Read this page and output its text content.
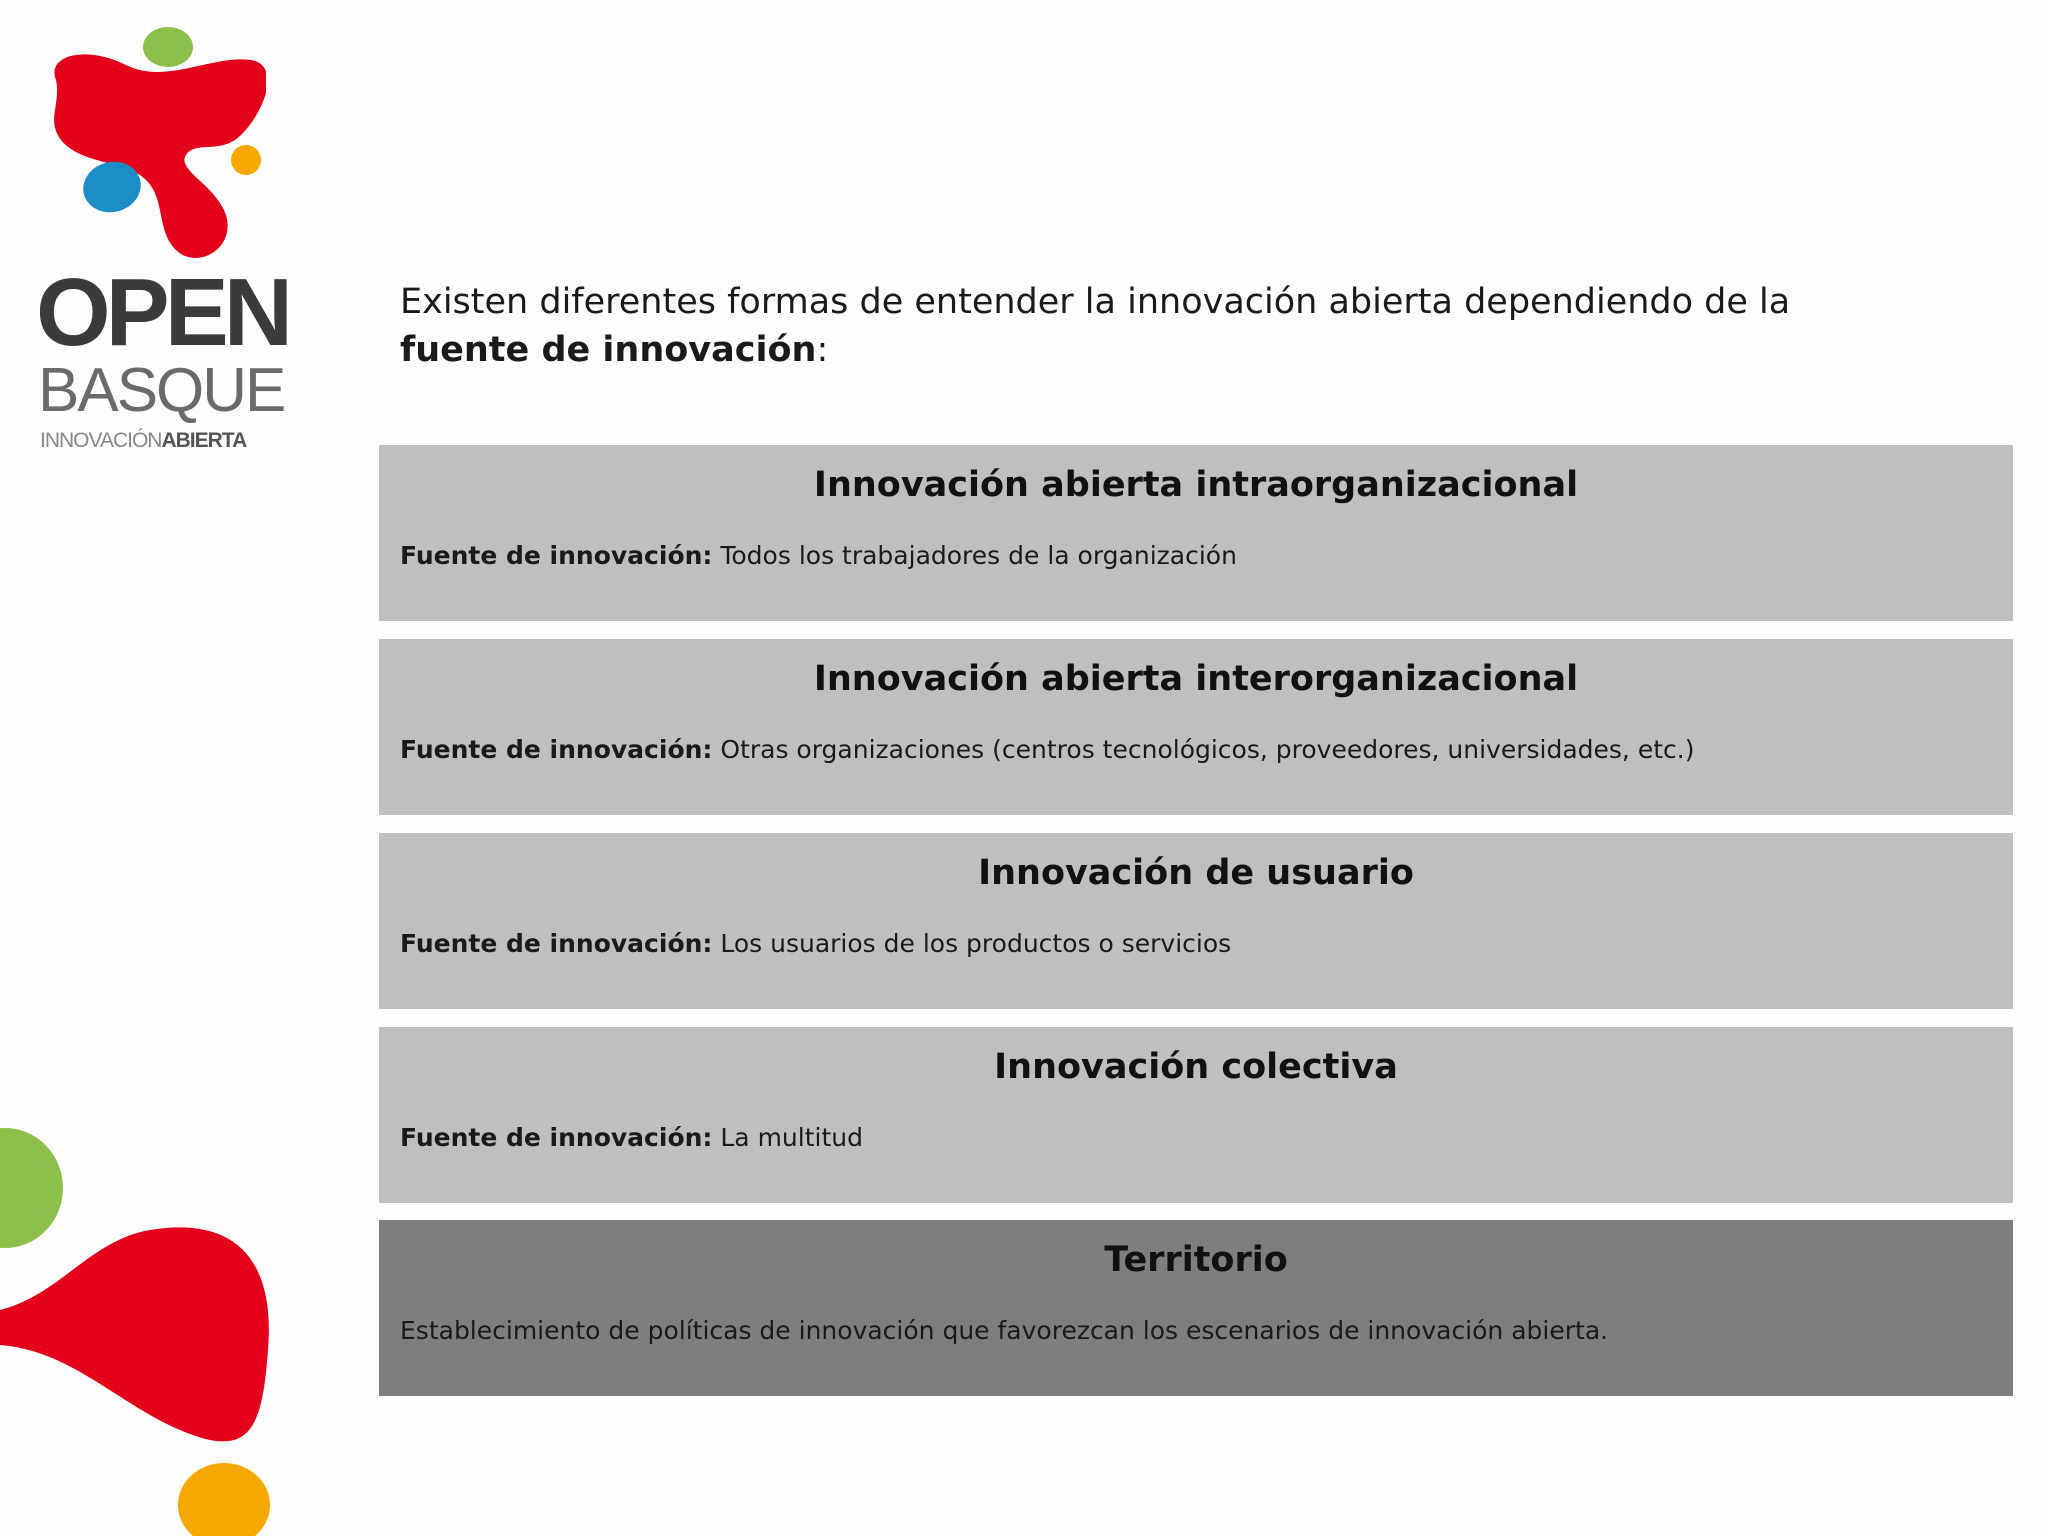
OPEN
BASQUE
INNOVACIÓNABIERTA
Existen diferentes formas de entender la innovación abierta dependiendo de la fuente de innovación:
Innovación abierta intraorganizacional
Fuente de innovación: Todos los trabajadores de la organización
Innovación abierta interorganizacional
Fuente de innovación: Otras organizaciones (centros tecnológicos, proveedores, universidades, etc.)
Innovación de usuario
Fuente de innovación: Los usuarios de los productos o servicios
Innovación colectiva
Fuente de innovación: La multitud
Territorio
Establecimiento de políticas de innovación que favorezcan los escenarios de innovación abierta.
